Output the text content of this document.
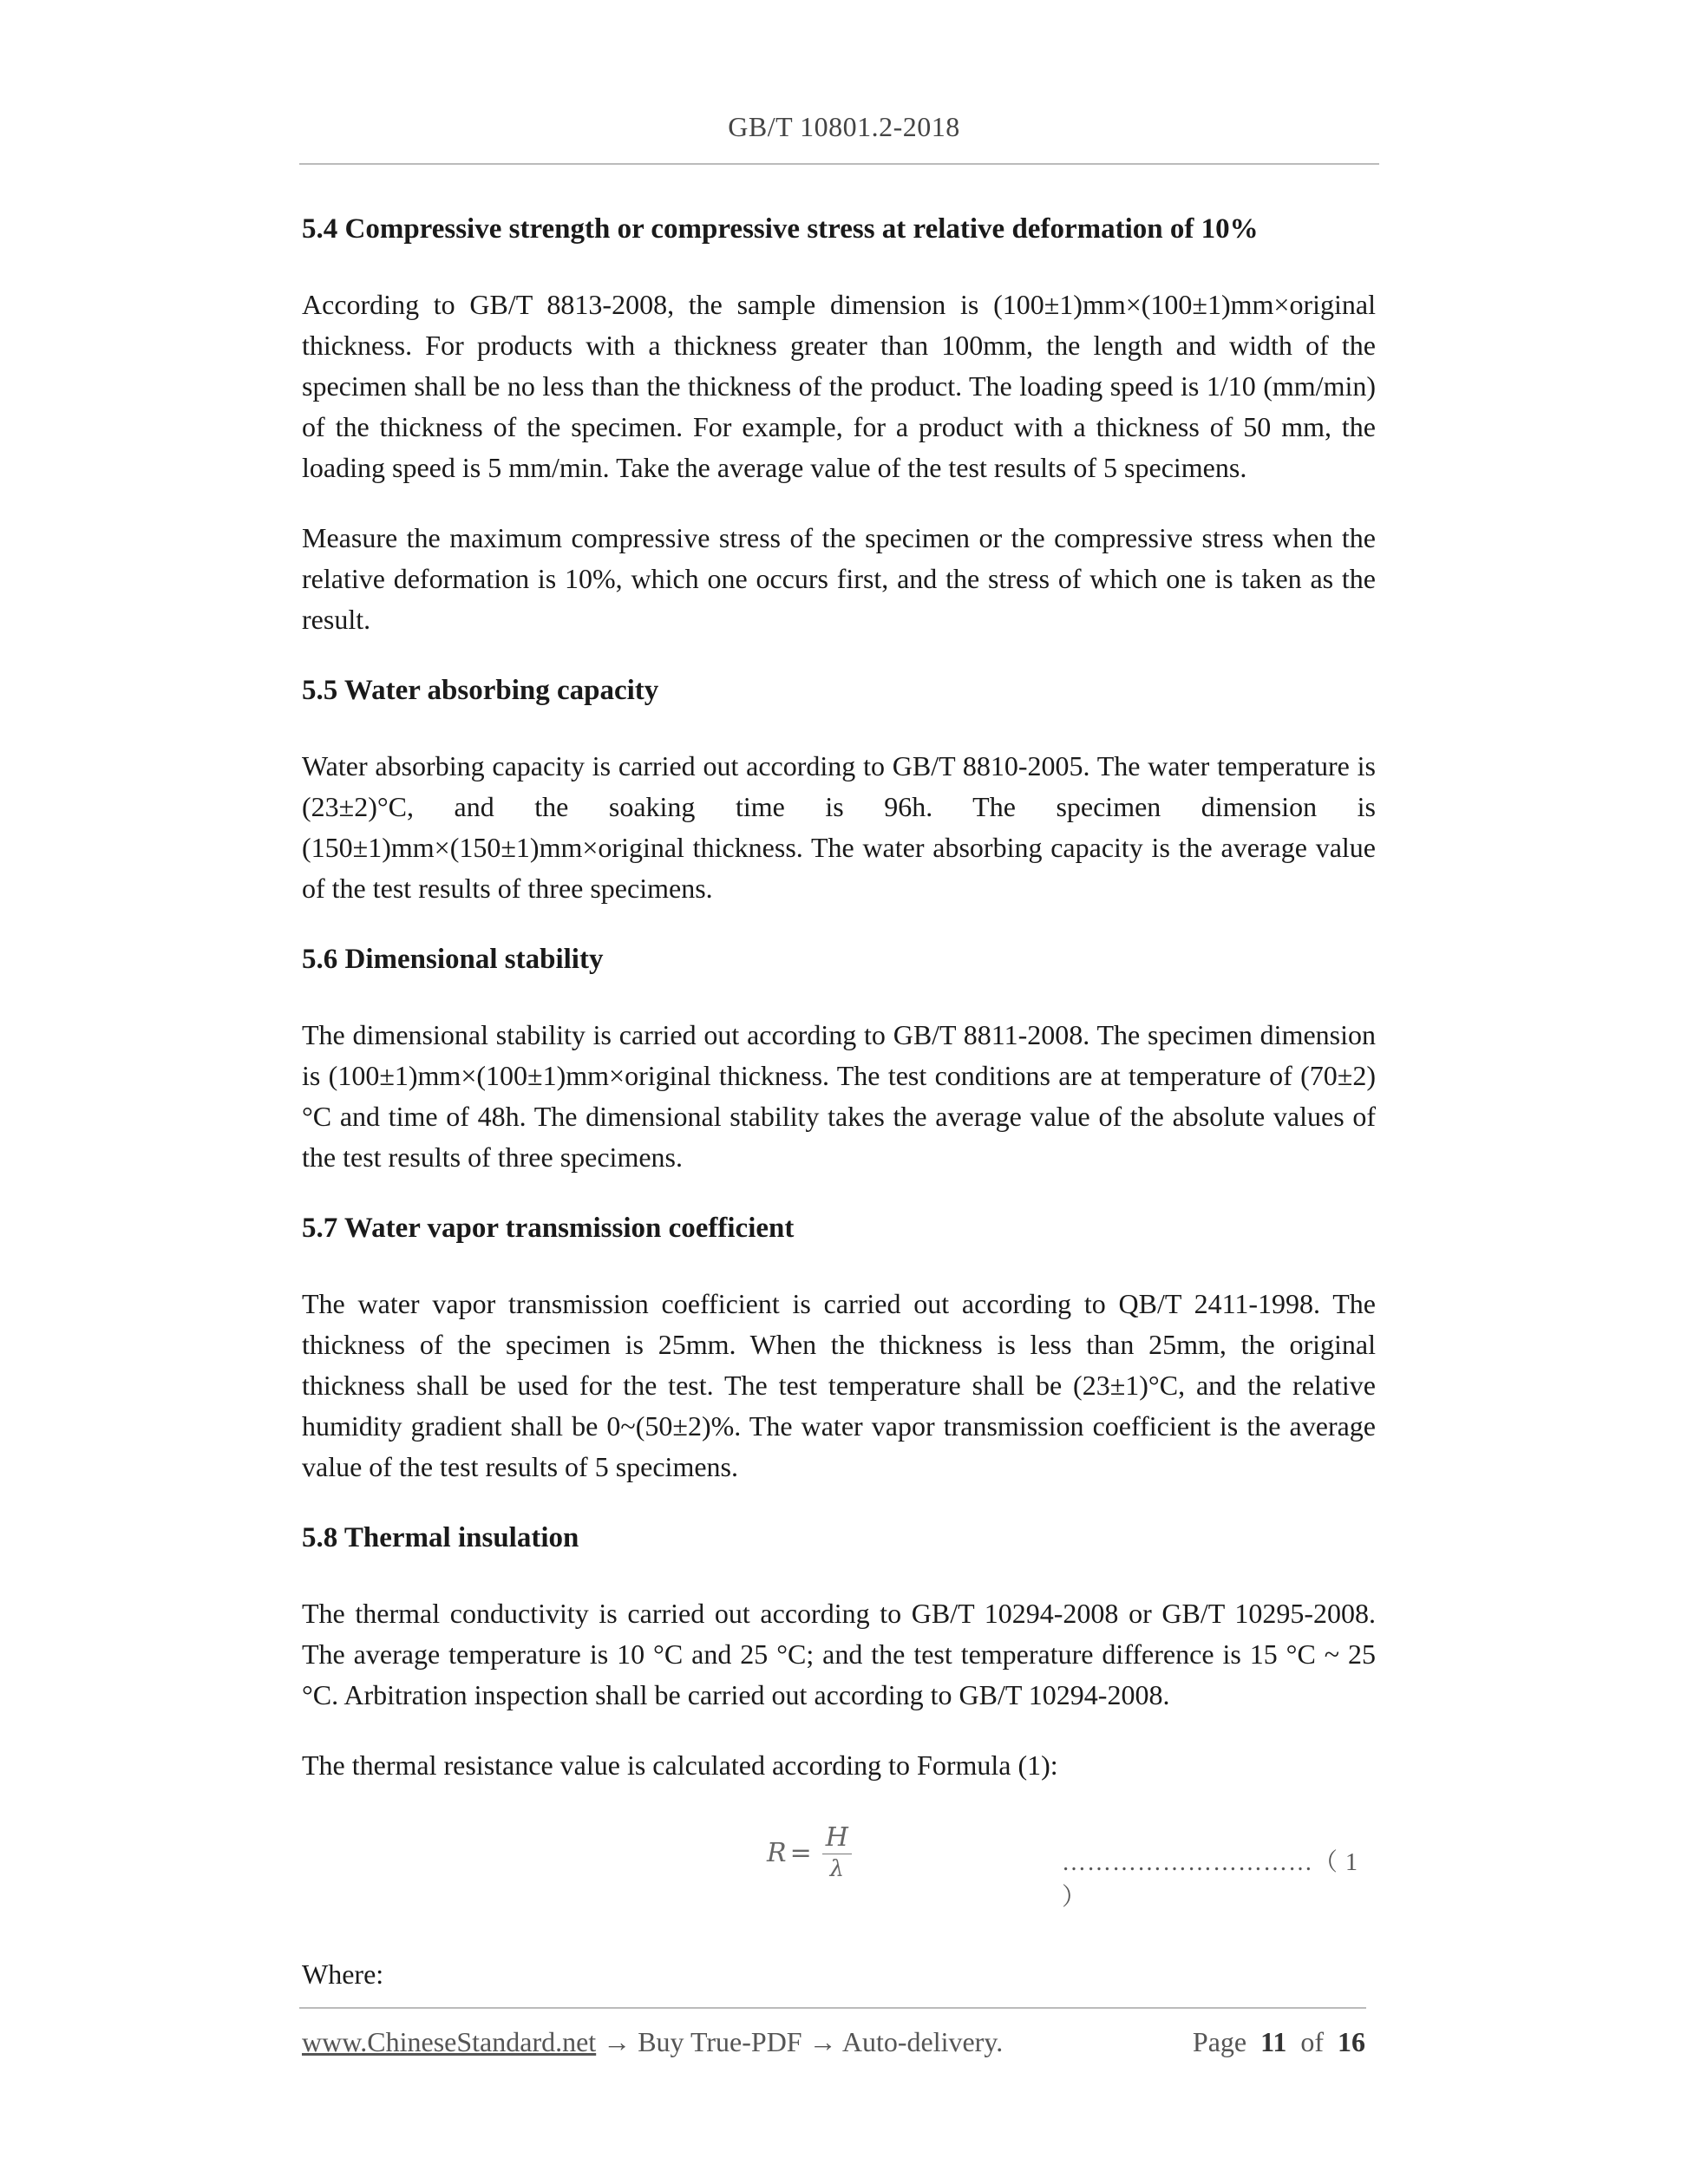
GB/T 10801.2-2018
5.4 Compressive strength or compressive stress at relative deformation of 10%

According to GB/T 8813-2008, the sample dimension is (100±1)mm×(100±1)mm×original thickness. For products with a thickness greater than 100mm, the length and width of the specimen shall be no less than the thickness of the product. The loading speed is 1/10 (mm/min) of the thickness of the specimen. For example, for a product with a thickness of 50 mm, the loading speed is 5 mm/min. Take the average value of the test results of 5 specimens.

Measure the maximum compressive stress of the specimen or the compressive stress when the relative deformation is 10%, which one occurs first, and the stress of which one is taken as the result.

5.5 Water absorbing capacity

Water absorbing capacity is carried out according to GB/T 8810-2005. The water temperature is (23±2)°C, and the soaking time is 96h. The specimen dimension is (150±1)mm×(150±1)mm×original thickness. The water absorbing capacity is the average value of the test results of three specimens.

5.6 Dimensional stability

The dimensional stability is carried out according to GB/T 8811-2008. The specimen dimension is (100±1)mm×(100±1)mm×original thickness. The test conditions are at temperature of (70±2)°C and time of 48h. The dimensional stability takes the average value of the absolute values of the test results of three specimens.

5.7 Water vapor transmission coefficient

The water vapor transmission coefficient is carried out according to QB/T 2411-1998. The thickness of the specimen is 25mm. When the thickness is less than 25mm, the original thickness shall be used for the test. The test temperature shall be (23±1)°C, and the relative humidity gradient shall be 0~(50±2)%. The water vapor transmission coefficient is the average value of the test results of 5 specimens.

5.8 Thermal insulation

The thermal conductivity is carried out according to GB/T 10294-2008 or GB/T 10295-2008. The average temperature is 10 °C and 25 °C; and the test temperature difference is 15 °C ~ 25 °C. Arbitration inspection shall be carried out according to GB/T 10294-2008.

The thermal resistance value is calculated according to Formula (1):

$R = \frac{H}{\lambda}$	…………………………（ 1 ）

Where:

www.ChineseStandard.net → Buy True-PDF → Auto-delivery.	Page 11 of 16
